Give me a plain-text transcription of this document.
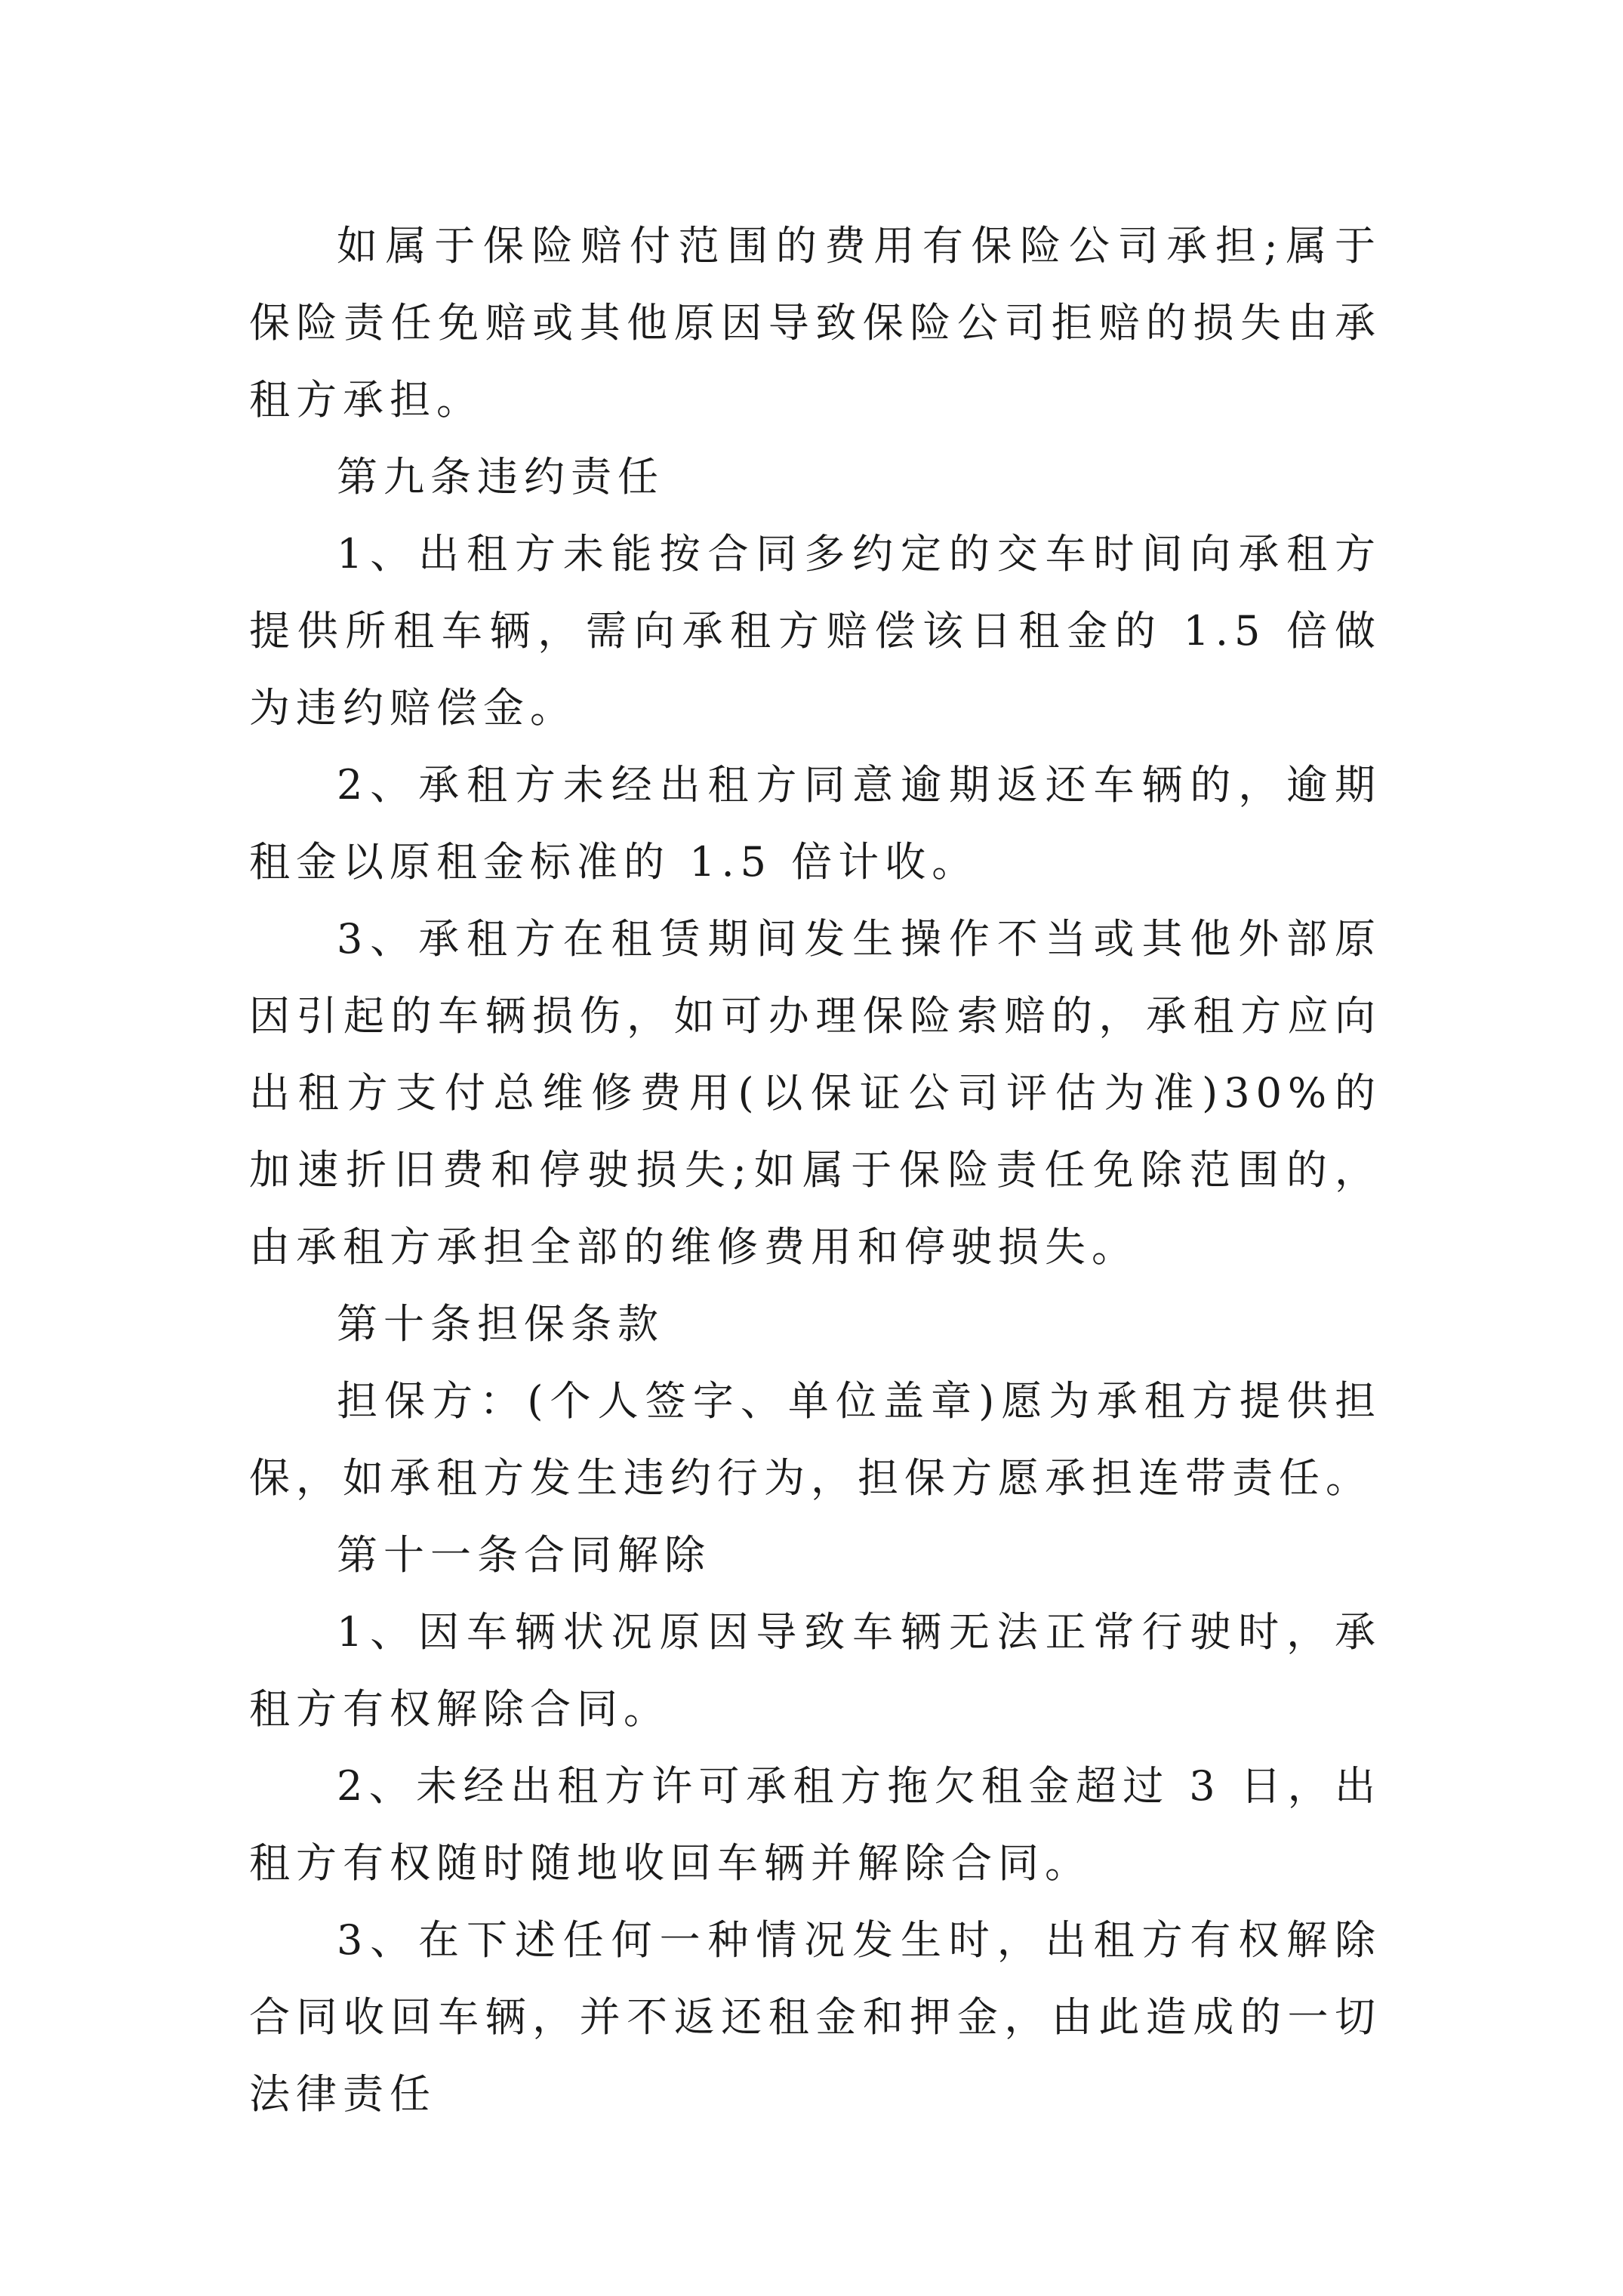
如属于保险赔付范围的费用有保险公司承担;属于保险责任免赔或其他原因导致保险公司拒赔的损失由承租方承担。

第九条违约责任

1、出租方未能按合同多约定的交车时间向承租方提供所租车辆，需向承租方赔偿该日租金的 1.5 倍做为违约赔偿金。

2、承租方未经出租方同意逾期返还车辆的，逾期租金以原租金标准的 1.5 倍计收。

3、承租方在租赁期间发生操作不当或其他外部原因引起的车辆损伤，如可办理保险索赔的，承租方应向出租方支付总维修费用(以保证公司评估为准)30%的加速折旧费和停驶损失;如属于保险责任免除范围的，由承租方承担全部的维修费用和停驶损失。

第十条担保条款

担保方：(个人签字、单位盖章)愿为承租方提供担保，如承租方发生违约行为，担保方愿承担连带责任。

第十一条合同解除

1、因车辆状况原因导致车辆无法正常行驶时，承租方有权解除合同。

2、未经出租方许可承租方拖欠租金超过 3 日，出租方有权随时随地收回车辆并解除合同。

3、在下述任何一种情况发生时，出租方有权解除合同收回车辆，并不返还租金和押金，由此造成的一切法律责任
